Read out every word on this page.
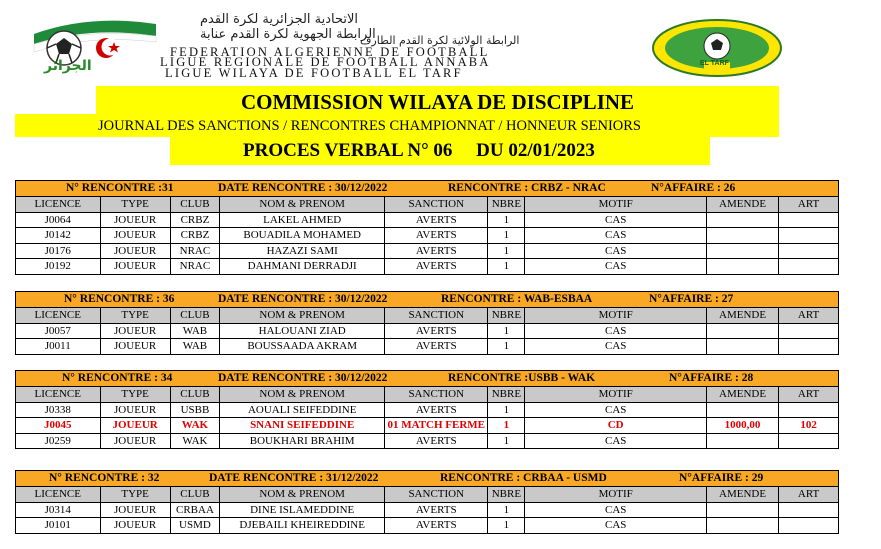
الجزائر
الاتحادية الجزائرية لكرة القدم
الرابطة الجهوية لكرة القدم عنابة
FEDERATION ALGERIENNE DE FOOTBALL
الرابطة الولائية لكرة القدم الطارف
LIGUE REGIONALE DE FOOTBALL ANNABA
LIGUE WILAYA DE FOOTBALL EL TARF
EL TARF
COMMISSION WILAYA DE DISCIPLINE
JOURNAL DES SANCTIONS / RENCONTRES CHAMPIONNAT / HONNEUR SENIORS
PROCES VERBAL N° 06     DU 02/01/2023
N° RENCONTRE :31 DATE RENCONTRE : 30/12/2022 RENCONTRE : CRBZ - NRAC N°AFFAIRE : 26								

LICENCE	TYPE	CLUB	NOM & PRENOM	SANCTION	NBRE	MOTIF	AMENDE	ART
J0064	JOUEUR	CRBZ	LAKEL AHMED	AVERTS	1	CAS		
J0142	JOUEUR	CRBZ	BOUADILA MOHAMED	AVERTS	1	CAS		
J0176	JOUEUR	NRAC	HAZAZI SAMI	AVERTS	1	CAS		
J0192	JOUEUR	NRAC	DAHMANI DERRADJI	AVERTS	1	CAS		
N° RENCONTRE : 36 DATE RENCONTRE : 30/12/2022 RENCONTRE : WAB-ESBAA N°AFFAIRE : 27								

LICENCE	TYPE	CLUB	NOM & PRENOM	SANCTION	NBRE	MOTIF	AMENDE	ART
J0057	JOUEUR	WAB	HALOUANI ZIAD	AVERTS	1	CAS		
J0011	JOUEUR	WAB	BOUSSAADA AKRAM	AVERTS	1	CAS		
N° RENCONTRE : 34 DATE RENCONTRE : 30/12/2022 RENCONTRE :USBB - WAK N°AFFAIRE : 28								

LICENCE	TYPE	CLUB	NOM & PRENOM	SANCTION	NBRE	MOTIF	AMENDE	ART
J0338	JOUEUR	USBB	AOUALI SEIFEDDINE	AVERTS	1	CAS		
J0045	JOUEUR	WAK	SNANI SEIFEDDINE	01 MATCH FERME	1	CD	1000,00	102
J0259	JOUEUR	WAK	BOUKHARI BRAHIM	AVERTS	1	CAS		
N° RENCONTRE : 32 DATE RENCONTRE : 31/12/2022 RENCONTRE : CRBAA - USMD N°AFFAIRE : 29								

LICENCE	TYPE	CLUB	NOM & PRENOM	SANCTION	NBRE	MOTIF	AMENDE	ART
J0314	JOUEUR	CRBAA	DINE ISLAMEDDINE	AVERTS	1	CAS		
J0101	JOUEUR	USMD	DJEBAILI KHEIREDDINE	AVERTS	1	CAS		
